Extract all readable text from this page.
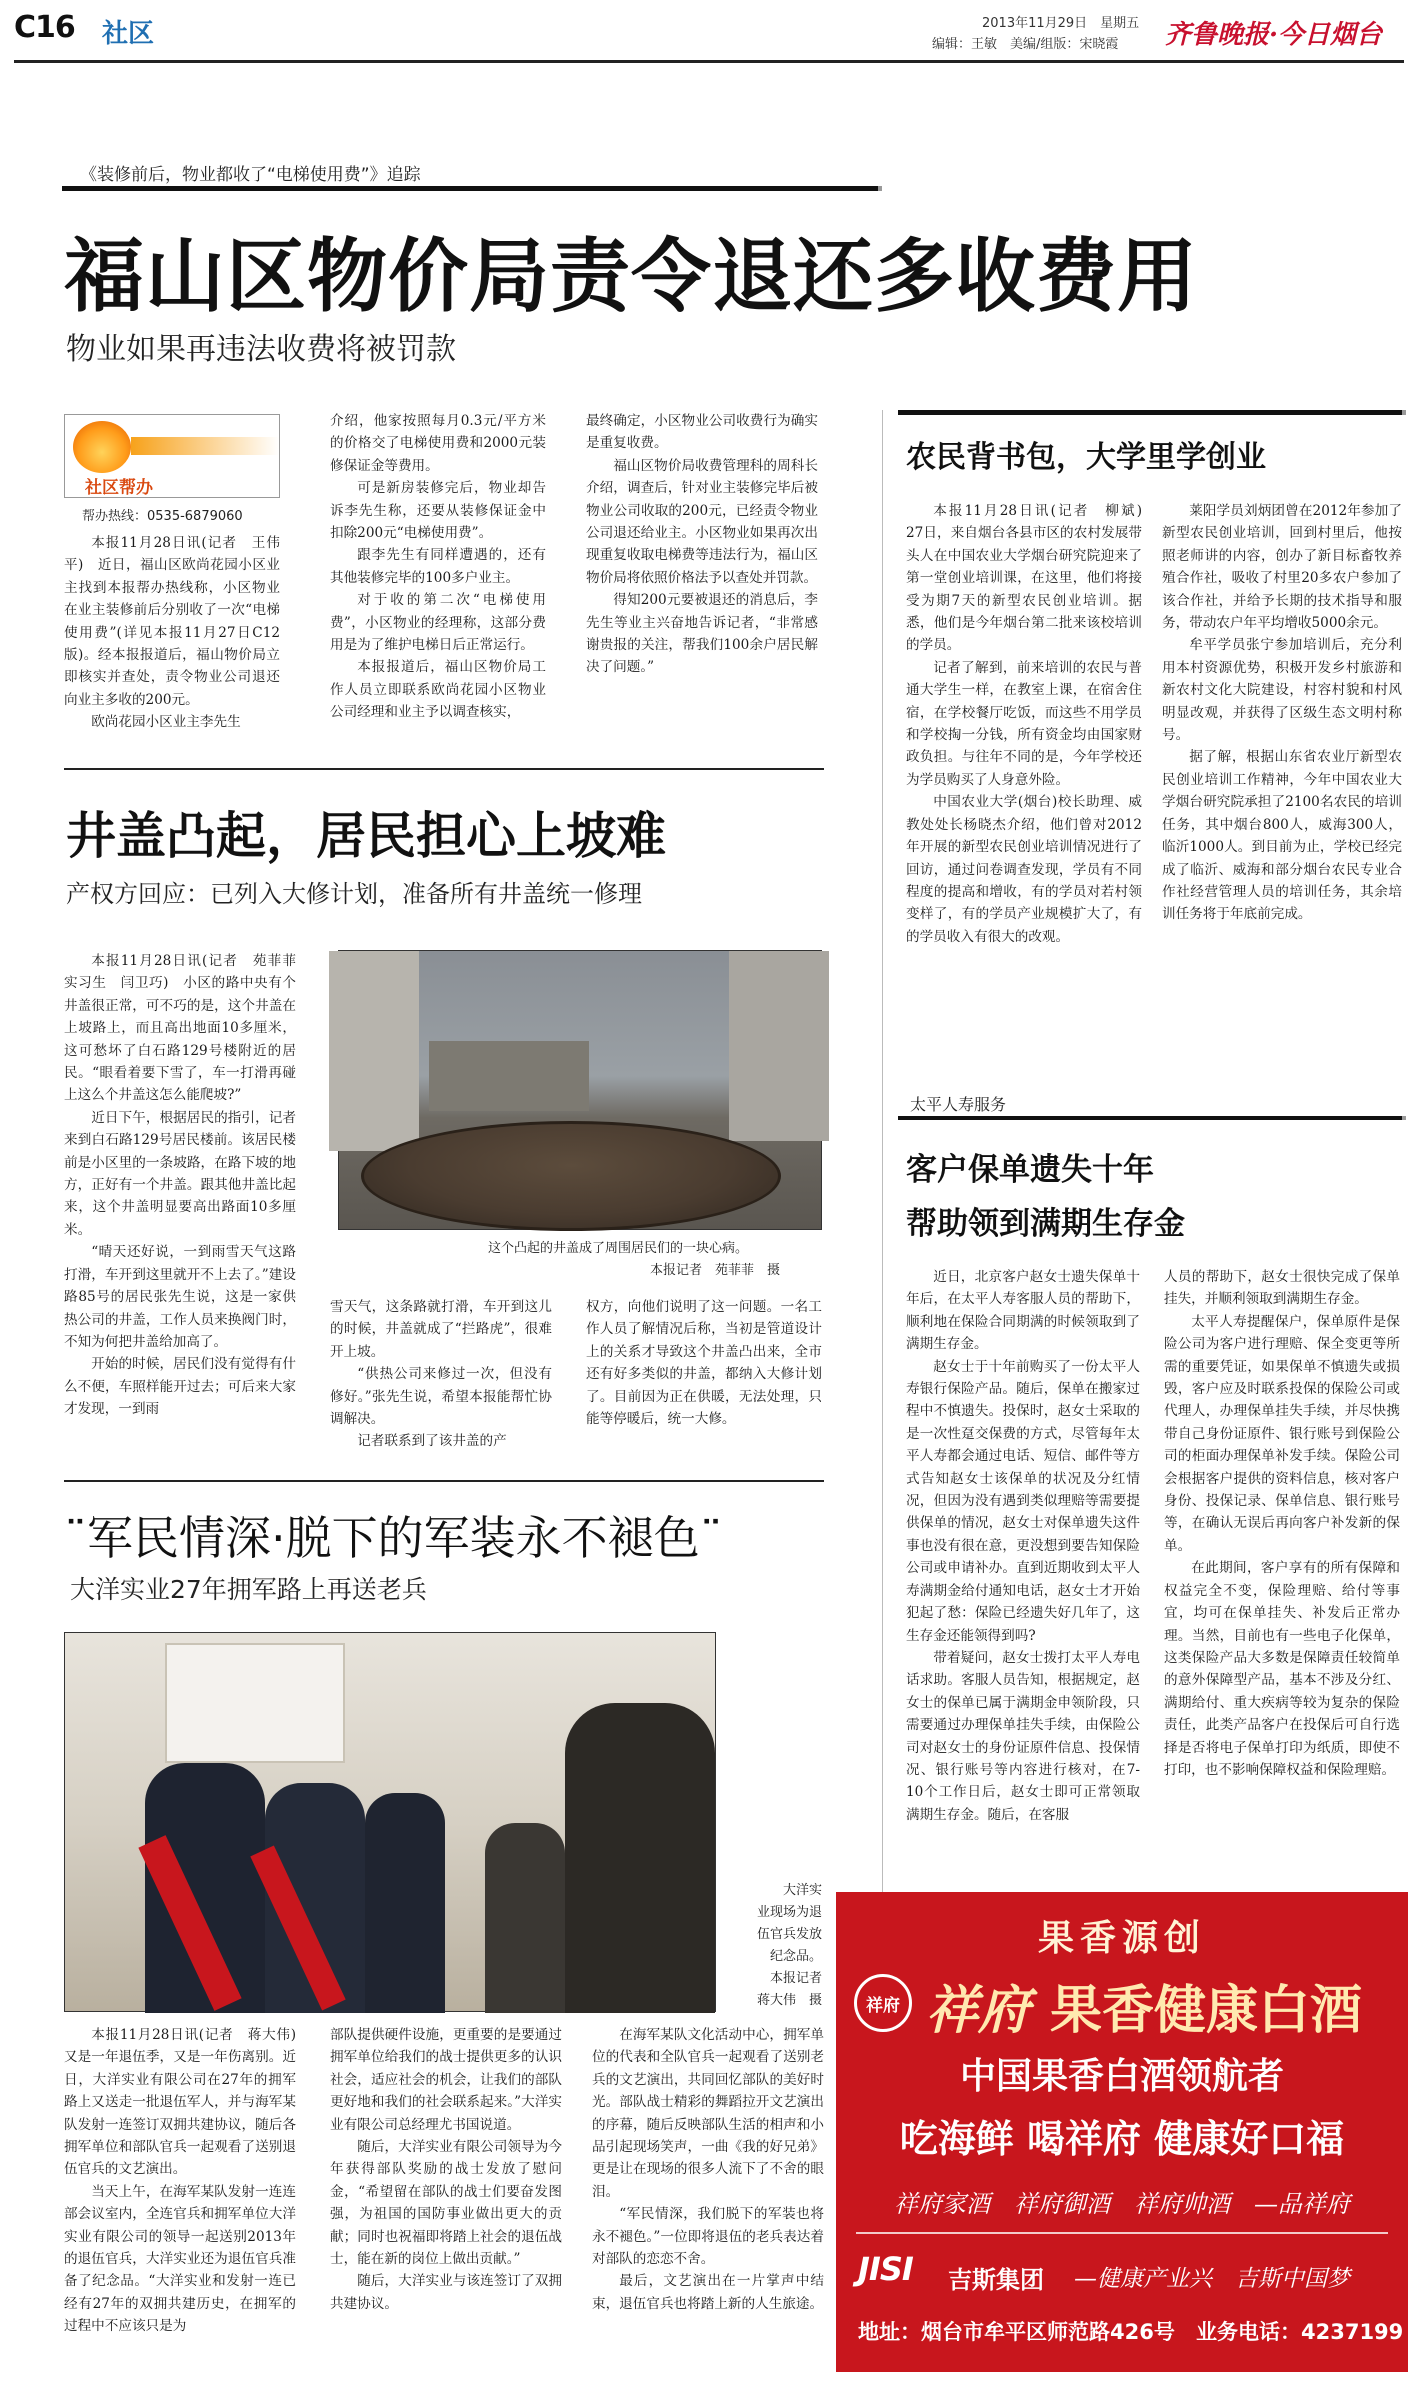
C16 社区	2013年11月29日　星期五
编辑：王敏　美编/组版：宋晓霞 齐鲁晚报·今日烟台
《装修前后，物业都收了“电梯使用费”》追踪
福山区物价局责令退还多收费用
物业如果再违法收费将被罚款
社区帮办
帮办热线：0535-6879060

本报11月28日讯(记者　王伟平)　近日，福山区欧尚花园小区业主找到本报帮办热线称，小区物业在业主装修前后分别收了一次“电梯使用费”(详见本报11月27日C12版)。经本报报道后，福山物价局立即核实并查处，责令物业公司退还向业主多收的200元。

欧尚花园小区业主李先生

介绍，他家按照每月0.3元/平方米的价格交了电梯使用费和2000元装修保证金等费用。

可是新房装修完后，物业却告诉李先生称，还要从装修保证金中扣除200元“电梯使用费”。

跟李先生有同样遭遇的，还有其他装修完毕的100多户业主。

对于收的第二次“电梯使用费”，小区物业的经理称，这部分费用是为了维护电梯日后正常运行。

本报报道后，福山区物价局工作人员立即联系欧尚花园小区物业公司经理和业主予以调查核实，

最终确定，小区物业公司收费行为确实是重复收费。

福山区物价局收费管理科的周科长介绍，调查后，针对业主装修完毕后被物业公司收取的200元，已经责令物业公司退还给业主。小区物业如果再次出现重复收取电梯费等违法行为，福山区物价局将依照价格法予以查处并罚款。

得知200元要被退还的消息后，李先生等业主兴奋地告诉记者，“非常感谢贵报的关注，帮我们100余户居民解决了问题。”

井盖凸起，居民担心上坡难
产权方回应：已列入大修计划，准备所有井盖统一修理

本报11月28日讯(记者　苑菲菲　实习生　闫卫巧)　小区的路中央有个井盖很正常，可不巧的是，这个井盖在上坡路上，而且高出地面10多厘米，这可愁坏了白石路129号楼附近的居民。“眼看着要下雪了，车一打滑再碰上这么个井盖这怎么能爬坡?”

近日下午，根据居民的指引，记者来到白石路129号居民楼前。该居民楼前是小区里的一条坡路，在路下坡的地方，正好有一个井盖。跟其他井盖比起来，这个井盖明显要高出路面10多厘米。

“晴天还好说，一到雨雪天气这路打滑，车开到这里就开不上去了。”建设路85号的居民张先生说，这是一家供热公司的井盖，工作人员来换阀门时，不知为何把井盖给加高了。

开始的时候，居民们没有觉得有什么不便，车照样能开过去；可后来大家才发现，一到雨

这个凸起的井盖成了周围居民们的一块心病。
本报记者　苑菲菲　摄

雪天气，这条路就打滑，车开到这儿的时候，井盖就成了“拦路虎”，很难开上坡。

“供热公司来修过一次，但没有修好。”张先生说，希望本报能帮忙协调解决。

记者联系到了该井盖的产

权方，向他们说明了这一问题。一名工作人员了解情况后称，当初是管道设计上的关系才导致这个井盖凸出来，全市还有好多类似的井盖，都纳入大修计划了。目前因为正在供暖，无法处理，只能等停暖后，统一大修。

¨军民情深·脱下的军装永不褪色¨
大洋实业27年拥军路上再送老兵
大洋实
业现场为退
伍官兵发放
纪念品。
本报记者
蒋大伟　摄

本报11月28日讯(记者　蒋大伟)　又是一年退伍季，又是一年伤离别。近日，大洋实业有限公司在27年的拥军路上又送走一批退伍军人，并与海军某队发射一连签订双拥共建协议，随后各拥军单位和部队官兵一起观看了送别退伍官兵的文艺演出。

当天上午，在海军某队发射一连连部会议室内，全连官兵和拥军单位大洋实业有限公司的领导一起送别2013年的退伍官兵，大洋实业还为退伍官兵准备了纪念品。“大洋实业和发射一连已经有27年的双拥共建历史，在拥军的过程中不应该只是为

部队提供硬件设施，更重要的是要通过拥军单位给我们的战士提供更多的认识社会，适应社会的机会，让我们的部队更好地和我们的社会联系起来。”大洋实业有限公司总经理尤书国说道。

随后，大洋实业有限公司领导为今年获得部队奖励的战士发放了慰问金，“希望留在部队的战士们要奋发图强，为祖国的国防事业做出更大的贡献；同时也祝福即将踏上社会的退伍战士，能在新的岗位上做出贡献。”

随后，大洋实业与该连签订了双拥共建协议。

在海军某队文化活动中心，拥军单位的代表和全队官兵一起观看了送别老兵的文艺演出，共同回忆部队的美好时光。部队战士精彩的舞蹈拉开文艺演出的序幕，随后反映部队生活的相声和小品引起现场笑声，一曲《我的好兄弟》更是让在现场的很多人流下了不舍的眼泪。

“军民情深，我们脱下的军装也将永不褪色。”一位即将退伍的老兵表达着对部队的恋恋不舍。

最后，文艺演出在一片掌声中结束，退伍官兵也将踏上新的人生旅途。

农民背书包，大学里学创业

本报11月28日讯(记者　柳斌)　27日，来自烟台各县市区的农村发展带头人在中国农业大学烟台研究院迎来了第一堂创业培训课，在这里，他们将接受为期7天的新型农民创业培训。据悉，他们是今年烟台第二批来该校培训的学员。

记者了解到，前来培训的农民与普通大学生一样，在教室上课，在宿舍住宿，在学校餐厅吃饭，而这些不用学员和学校掏一分钱，所有资金均由国家财政负担。与往年不同的是，今年学校还为学员购买了人身意外险。

中国农业大学(烟台)校长助理、威教处处长杨晓杰介绍，他们曾对2012年开展的新型农民创业培训情况进行了回访，通过问卷调查发现，学员有不同程度的提高和增收，有的学员对若村领变样了，有的学员产业规模扩大了，有的学员收入有很大的改观。

莱阳学员刘炳团曾在2012年参加了新型农民创业培训，回到村里后，他按照老师讲的内容，创办了新目标畜牧养殖合作社，吸收了村里20多农户参加了该合作社，并给予长期的技术指导和服务，带动农户年平均增收5000余元。

牟平学员张宁参加培训后，充分利用本村资源优势，积极开发乡村旅游和新农村文化大院建设，村容村貌和村风明显改观，并获得了区级生态文明村称号。

据了解，根据山东省农业厅新型农民创业培训工作精神，今年中国农业大学烟台研究院承担了2100名农民的培训任务，其中烟台800人，威海300人，临沂1000人。到目前为止，学校已经完成了临沂、威海和部分烟台农民专业合作社经营管理人员的培训任务，其余培训任务将于年底前完成。

太平人寿服务
客户保单遗失十年
帮助领到满期生存金

近日，北京客户赵女士遗失保单十年后，在太平人寿客服人员的帮助下，顺利地在保险合同期满的时候领取到了满期生存金。

赵女士于十年前购买了一份太平人寿银行保险产品。随后，保单在搬家过程中不慎遗失。投保时，赵女士采取的是一次性趸交保费的方式，尽管每年太平人寿都会通过电话、短信、邮件等方式告知赵女士该保单的状况及分红情况，但因为没有遇到类似理赔等需要提供保单的情况，赵女士对保单遗失这件事也没有很在意，更没想到要告知保险公司或申请补办。直到近期收到太平人寿满期金给付通知电话，赵女士才开始犯起了愁：保险已经遗失好几年了，这生存金还能领得到吗?

带着疑问，赵女士拨打太平人寿电话求助。客服人员告知，根据规定，赵女士的保单已属于满期金申领阶段，只需要通过办理保单挂失手续，由保险公司对赵女士的身份证原件信息、投保情况、银行账号等内容进行核对，在7-10个工作日后，赵女士即可正常领取满期生存金。随后，在客服

人员的帮助下，赵女士很快完成了保单挂失，并顺利领取到满期生存金。

太平人寿提醒保户，保单原件是保险公司为客户进行理赔、保全变更等所需的重要凭证，如果保单不慎遗失或损毁，客户应及时联系投保的保险公司或代理人，办理保单挂失手续，并尽快携带自己身份证原件、银行账号到保险公司的柜面办理保单补发手续。保险公司会根据客户提供的资料信息，核对客户身份、投保记录、保单信息、银行账号等，在确认无误后再向客户补发新的保单。

在此期间，客户享有的所有保障和权益完全不变，保险理赔、给付等事宜，均可在保单挂失、补发后正常办理。当然，目前也有一些电子化保单，这类保险产品大多数是保障责任较简单的意外保障型产品，基本不涉及分红、满期给付、重大疾病等较为复杂的保险责任，此类产品客户在投保后可自行选择是否将电子保单打印为纸质，即使不打印，也不影响保障权益和保险理赔。

果香源创
祥府 祥府 果香健康白酒
中国果香白酒领航者
吃海鲜 喝祥府 健康好口福
祥府家酒　祥府御酒　祥府帅酒　—品祥府
JISI 吉斯集团 —健康产业兴　吉斯中国梦
地址：烟台市牟平区师范路426号 业务电话：4237199
